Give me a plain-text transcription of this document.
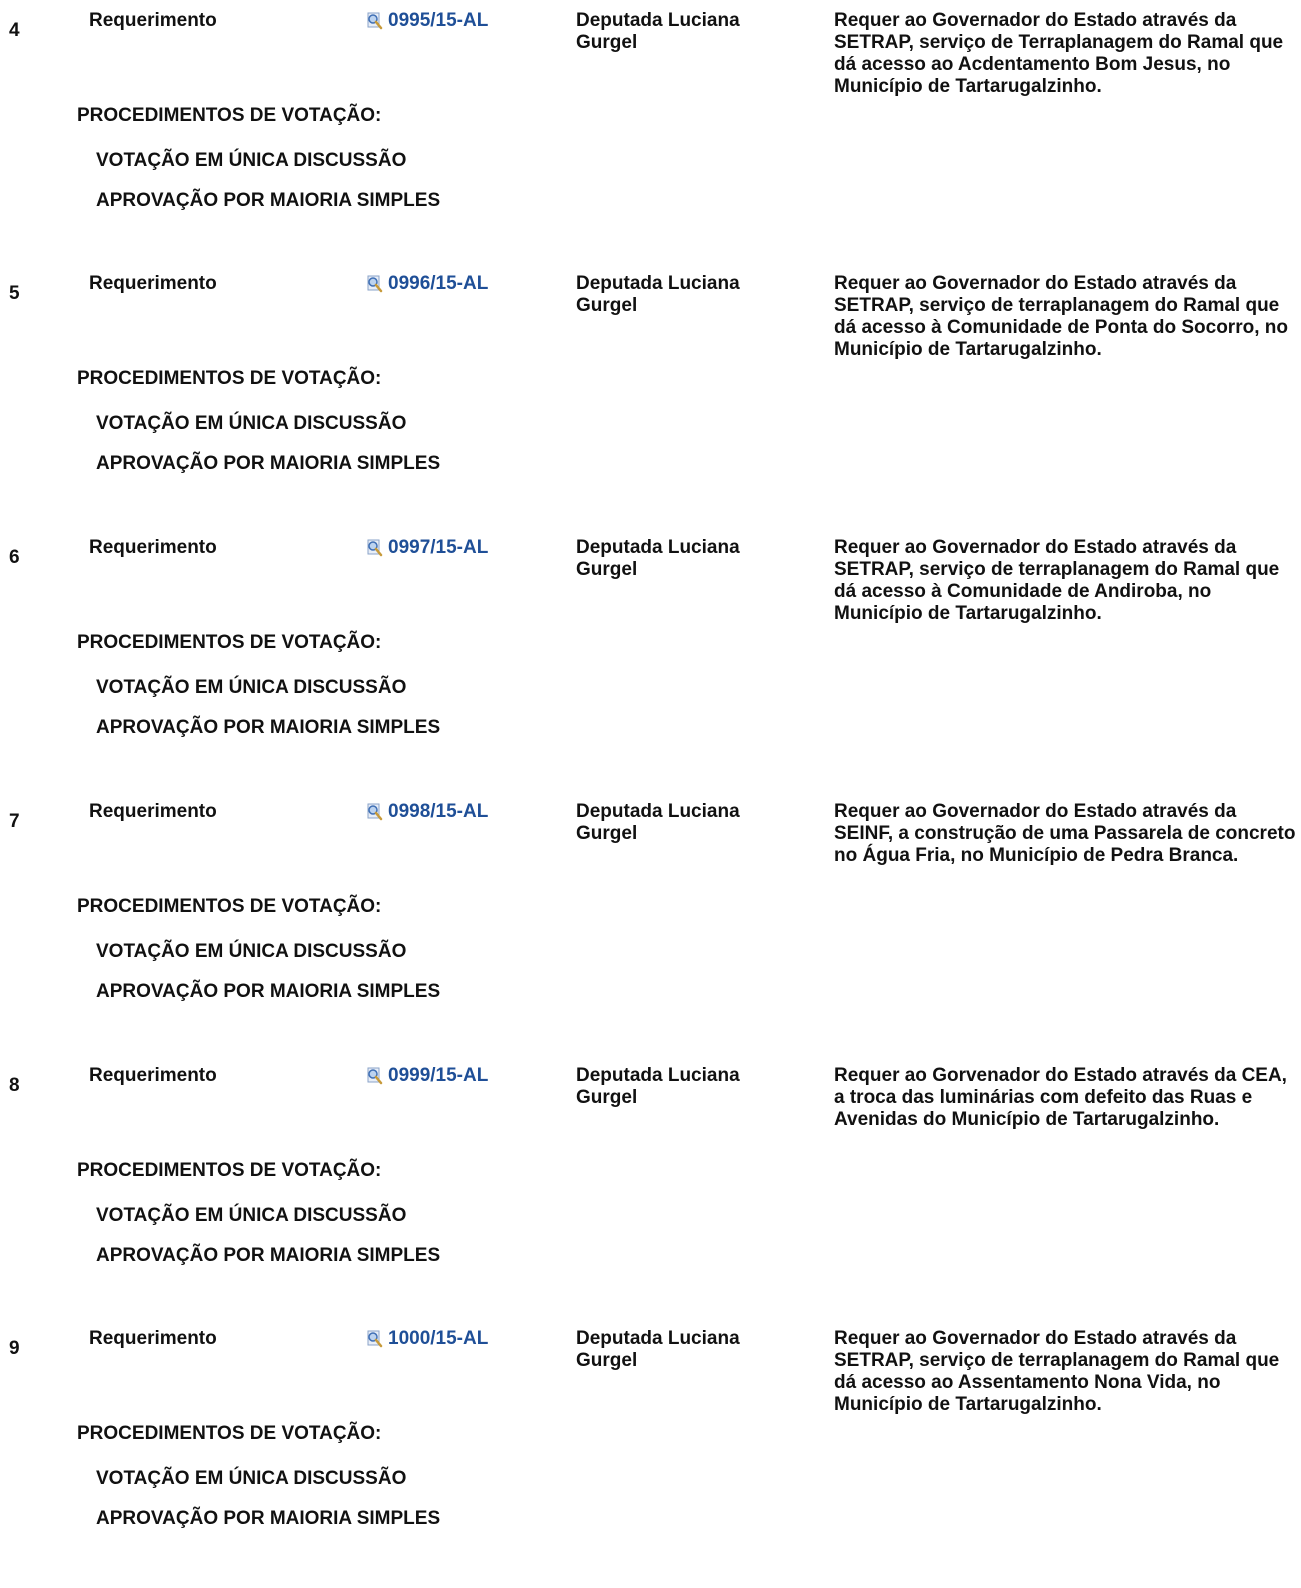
4	Requerimento	0995/15-AL	Deputada Luciana Gurgel
Requer ao Governador do Estado através da SETRAP, serviço de Terraplanagem do Ramal que dá acesso ao Acdentamento Bom Jesus, no Município de Tartarugalzinho.
PROCEDIMENTOS DE VOTAÇÃO:
VOTAÇÃO EM ÚNICA DISCUSSÃO
APROVAÇÃO POR MAIORIA SIMPLES
5	Requerimento	0996/15-AL	Deputada Luciana Gurgel
Requer ao Governador do Estado através da SETRAP, serviço de terraplanagem do Ramal que dá acesso à Comunidade de Ponta do Socorro, no Município de Tartarugalzinho.
PROCEDIMENTOS DE VOTAÇÃO:
VOTAÇÃO EM ÚNICA DISCUSSÃO
APROVAÇÃO POR MAIORIA SIMPLES
6	Requerimento	0997/15-AL	Deputada Luciana Gurgel
Requer ao Governador do Estado através da SETRAP, serviço de terraplanagem do Ramal que dá acesso à Comunidade de Andiroba, no Município de Tartarugalzinho.
PROCEDIMENTOS DE VOTAÇÃO:
VOTAÇÃO EM ÚNICA DISCUSSÃO
APROVAÇÃO POR MAIORIA SIMPLES
7	Requerimento	0998/15-AL	Deputada Luciana Gurgel
Requer ao Governador do Estado através da SEINF, a construção de uma Passarela de concreto no Água Fria, no Município de Pedra Branca.
PROCEDIMENTOS DE VOTAÇÃO:
VOTAÇÃO EM ÚNICA DISCUSSÃO
APROVAÇÃO POR MAIORIA SIMPLES
8	Requerimento	0999/15-AL	Deputada Luciana Gurgel
Requer ao Gorvenador do Estado através da CEA, a troca das luminárias com defeito das Ruas e Avenidas do Município de Tartarugalzinho.
PROCEDIMENTOS DE VOTAÇÃO:
VOTAÇÃO EM ÚNICA DISCUSSÃO
APROVAÇÃO POR MAIORIA SIMPLES
9	Requerimento	1000/15-AL	Deputada Luciana Gurgel
Requer ao Governador do Estado através da SETRAP, serviço de terraplanagem do Ramal que dá acesso ao Assentamento Nona Vida, no Município de Tartarugalzinho.
PROCEDIMENTOS DE VOTAÇÃO:
VOTAÇÃO EM ÚNICA DISCUSSÃO
APROVAÇÃO POR MAIORIA SIMPLES
